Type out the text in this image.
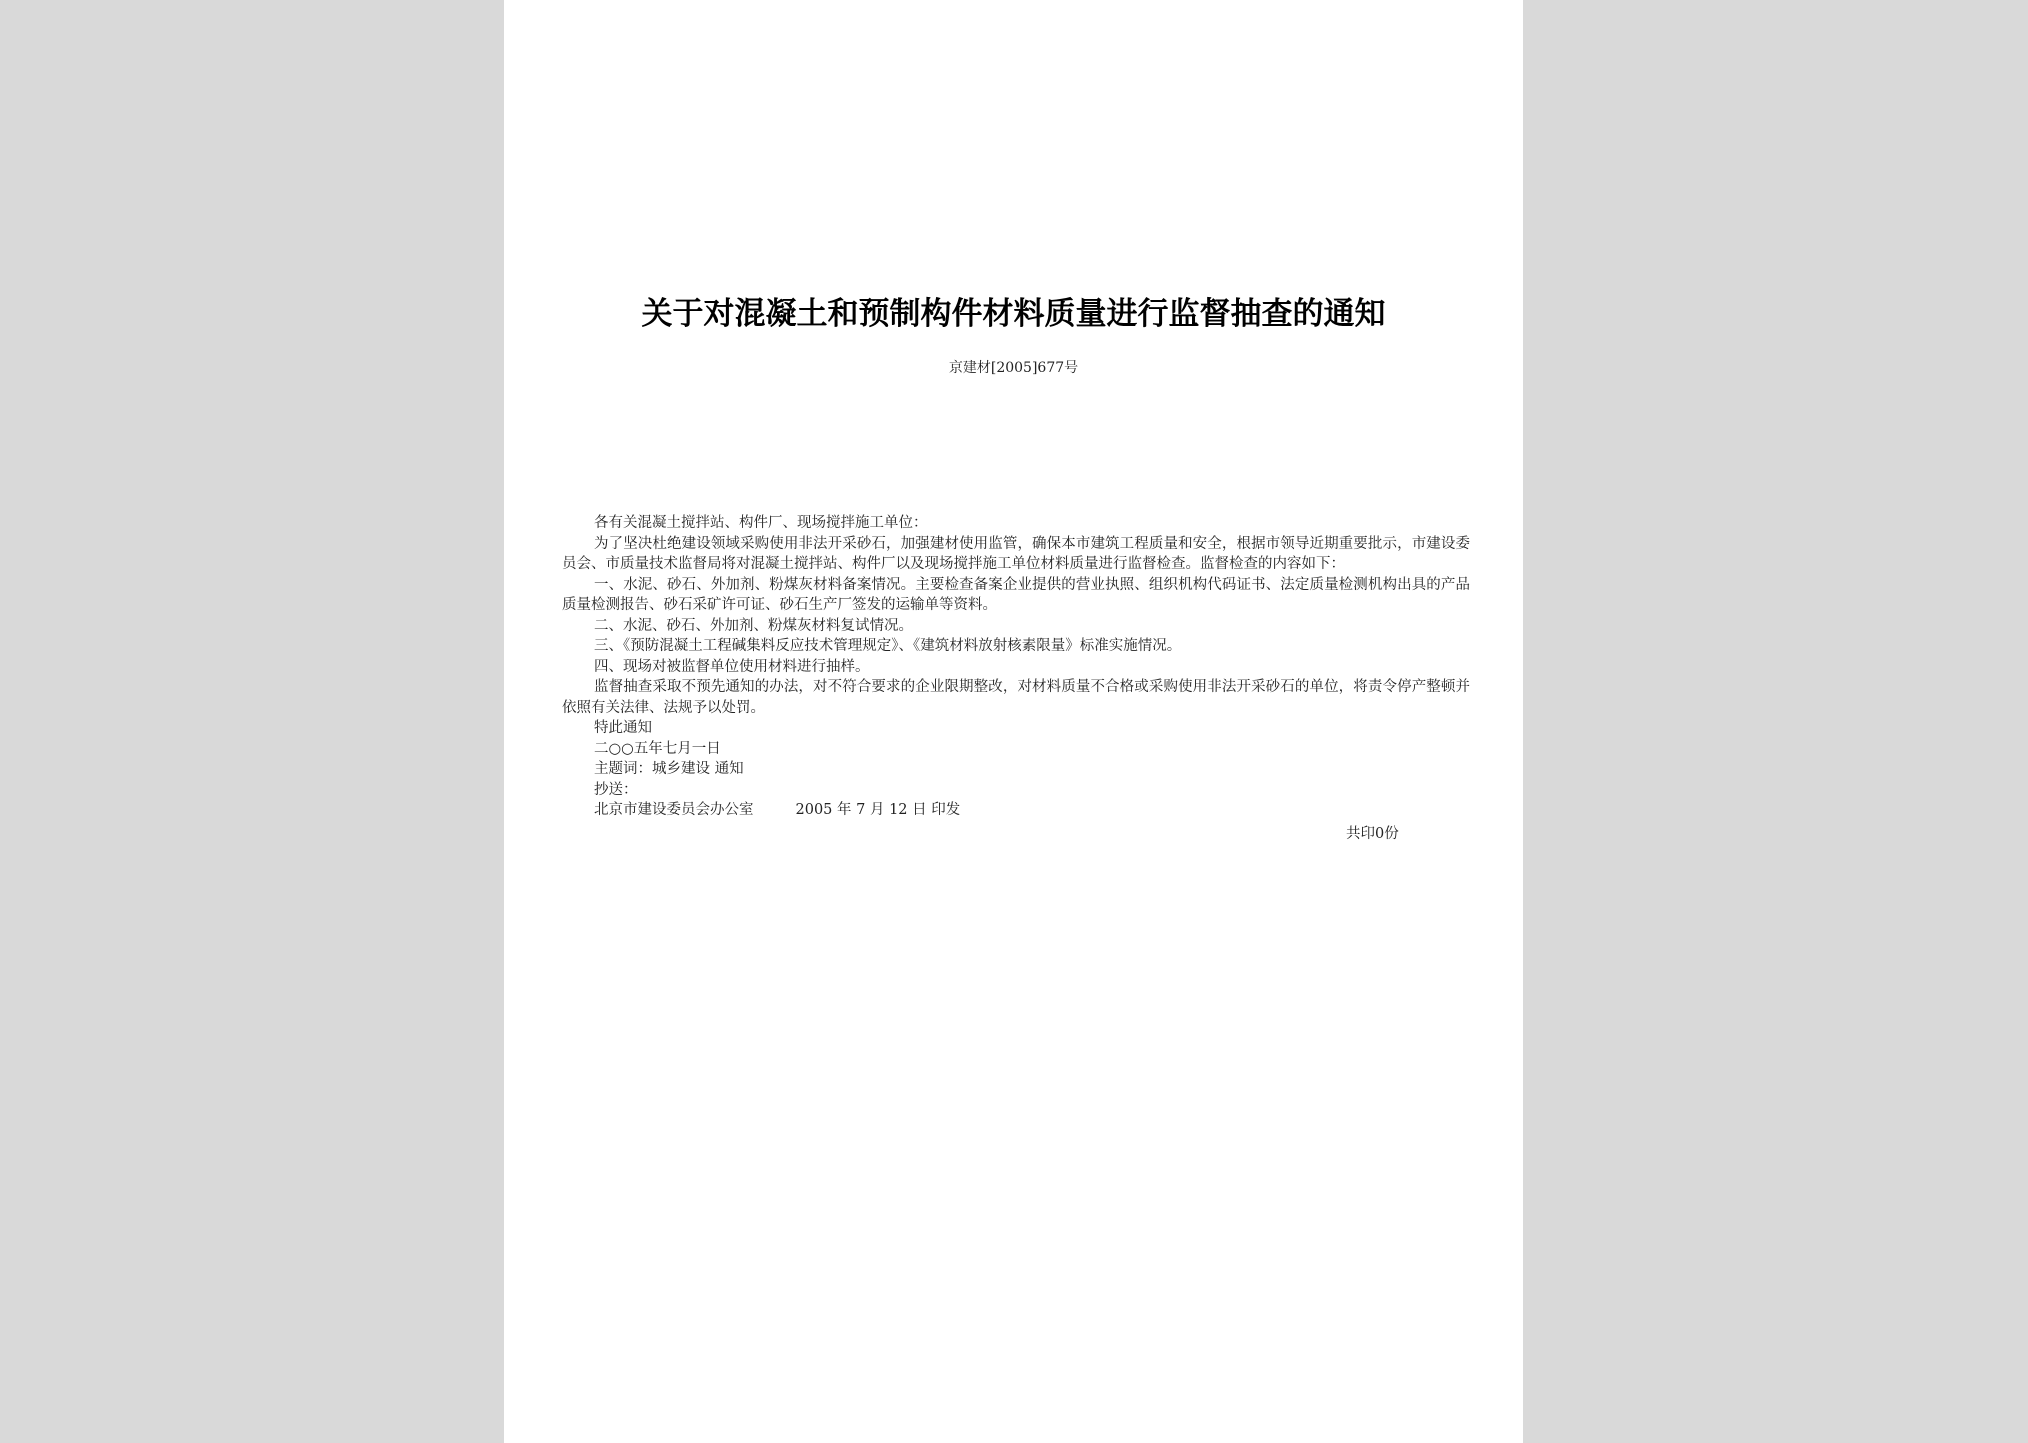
关于对混凝土和预制构件材料质量进行监督抽查的通知
京建材[2005]677号

各有关混凝土搅拌站、构件厂、现场搅拌施工单位：

为了坚决杜绝建设领域采购使用非法开采砂石，加强建材使用监管，确保本市建筑工程质量和安全，根据市领导近期重要批示，市建设委员会、市质量技术监督局将对混凝土搅拌站、构件厂以及现场搅拌施工单位材料质量进行监督检查。监督检查的内容如下：

一、水泥、砂石、外加剂、粉煤灰材料备案情况。主要检查备案企业提供的营业执照、组织机构代码证书、法定质量检测机构出具的产品质量检测报告、砂石采矿许可证、砂石生产厂签发的运输单等资料。

二、水泥、砂石、外加剂、粉煤灰材料复试情况。

三、《预防混凝土工程碱集料反应技术管理规定》、《建筑材料放射核素限量》标准实施情况。

四、现场对被监督单位使用材料进行抽样。

监督抽查采取不预先通知的办法，对不符合要求的企业限期整改，对材料质量不合格或采购使用非法开采砂石的单位，将责令停产整顿并依照有关法律、法规予以处罚。

特此通知

二○○五年七月一日

主题词：城乡建设 通知

抄送：

北京市建设委员会办公室	2005 年 7 月 12 日 印发

共印0份
